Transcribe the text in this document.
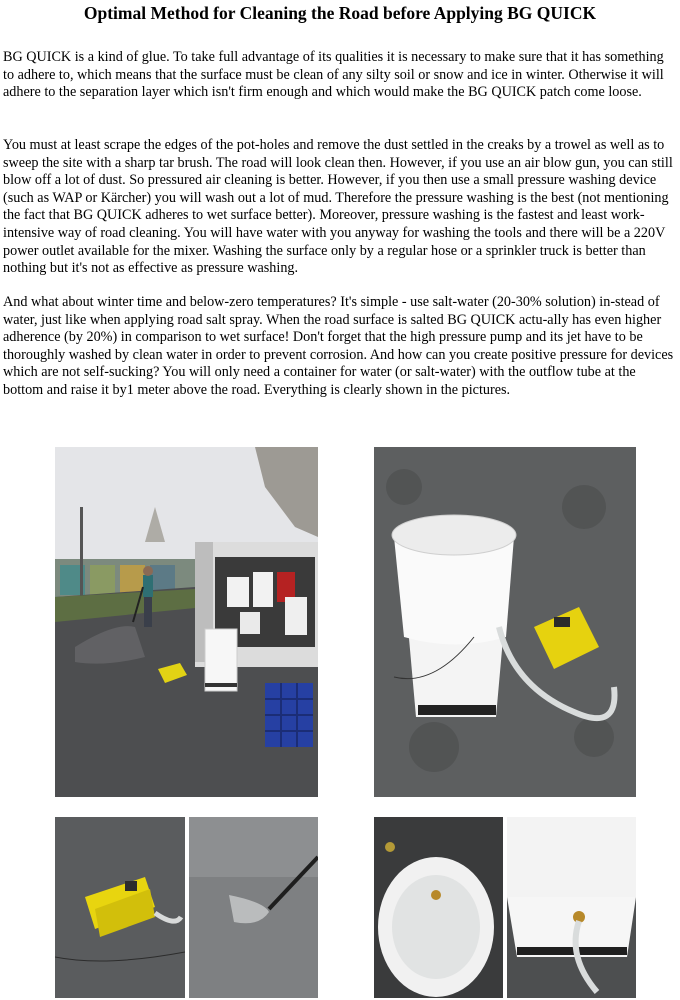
Optimal Method for Cleaning the Road before Applying BG QUICK

BG QUICK is a kind of glue. To take full advantage of its qualities it is necessary to make sure that it has something to adhere to, which means that the surface must be clean of any silty soil or snow and ice in winter. Otherwise it will adhere to the separation layer which isn't firm enough and which would make the BG QUICK patch come loose.

You must at least scrape the edges of the pot-holes and remove the dust settled in the creaks by a trowel as well as to sweep the site with a sharp tar brush. The road will look clean then. However, if you use an air blow gun, you can still blow off a lot of dust. So pressured air cleaning is better. However, if you then use a small pressure washing device (such as WAP or Kärcher) you will wash out a lot of mud. Therefore the pressure washing is the best (not mentioning the fact that BG QUICK adheres to wet surface better). Moreover, pressure washing is the fastest and least work-intensive way of road cleaning. You will have water with you anyway for washing the tools and there will be a 220V power outlet available for the mixer. Washing the surface only by a regular hose or a sprinkler truck is better than nothing but it's not as effective as pressure washing.

And what about winter time and below-zero temperatures? It's simple - use salt-water (20-30% solution) in-stead of water, just like when applying road salt spray. When the road surface is salted BG QUICK actu-ally has even higher adherence (by 20%) in comparison to wet surface! Don't forget that the high pressure pump and its jet have to be thoroughly washed by clean water in order to prevent corrosion. And how can you create positive pressure for devices which are not self-sucking? You will only need a container for water (or salt-water) with the outflow tube at the bottom and raise it by1 meter above the road. Everything is clearly shown in the pictures.
